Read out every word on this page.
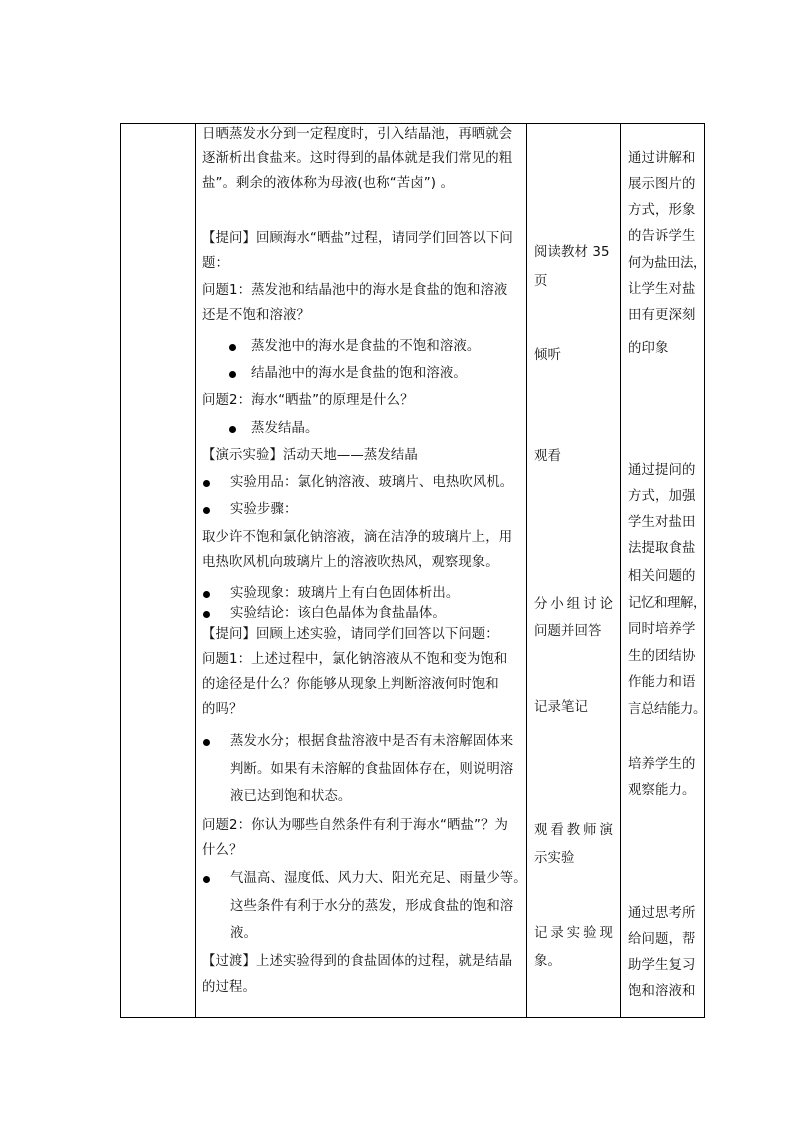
日晒蒸发水分到一定程度时，引入结晶池，再晒就会
逐渐析出食盐来。这时得到的晶体就是我们常见的粗
盐”。剩余的液体称为母液(也称“苦卤”) 。
【提问】回顾海水“晒盐”过程，请同学们回答以下问
题：
问题1：蒸发池和结晶池中的海水是食盐的饱和溶液
还是不饱和溶液？
蒸发池中的海水是食盐的不饱和溶液。
结晶池中的海水是食盐的饱和溶液。
问题2：海水“晒盐”的原理是什么？
蒸发结晶。
【演示实验】活动天地——蒸发结晶
实验用品：氯化钠溶液、玻璃片、电热吹风机。
实验步骤：
取少许不饱和氯化钠溶液，滴在洁净的玻璃片上，用
电热吹风机向玻璃片上的溶液吹热风，观察现象。
实验现象：玻璃片上有白色固体析出。
实验结论：该白色晶体为食盐晶体。
【提问】回顾上述实验，请同学们回答以下问题：
问题1：上述过程中，氯化钠溶液从不饱和变为饱和
的途径是什么？你能够从现象上判断溶液何时饱和
的吗？
蒸发水分；根据食盐溶液中是否有未溶解固体来
判断。如果有未溶解的食盐固体存在，则说明溶
液已达到饱和状态。
问题2：你认为哪些自然条件有利于海水“晒盐”？为
什么？
气温高、湿度低、风力大、阳光充足、雨量少等。
这些条件有利于水分的蒸发，形成食盐的饱和溶
液。
【过渡】上述实验得到的食盐固体的过程，就是结晶
的过程。
阅读教材 35
页
倾听
观看
分小组讨论
问题并回答
记录笔记
观看教师演
示实验
记录实验现
象。
通过讲解和
展示图片的
方式，形象
的告诉学生
何为盐田法，
让学生对盐
田有更深刻
的印象
通过提问的
方式，加强
学生对盐田
法提取食盐
相关问题的
记忆和理解，
同时培养学
生的团结协
作能力和语
言总结能力。
培养学生的
观察能力。
通过思考所
给问题，帮
助学生复习
饱和溶液和
